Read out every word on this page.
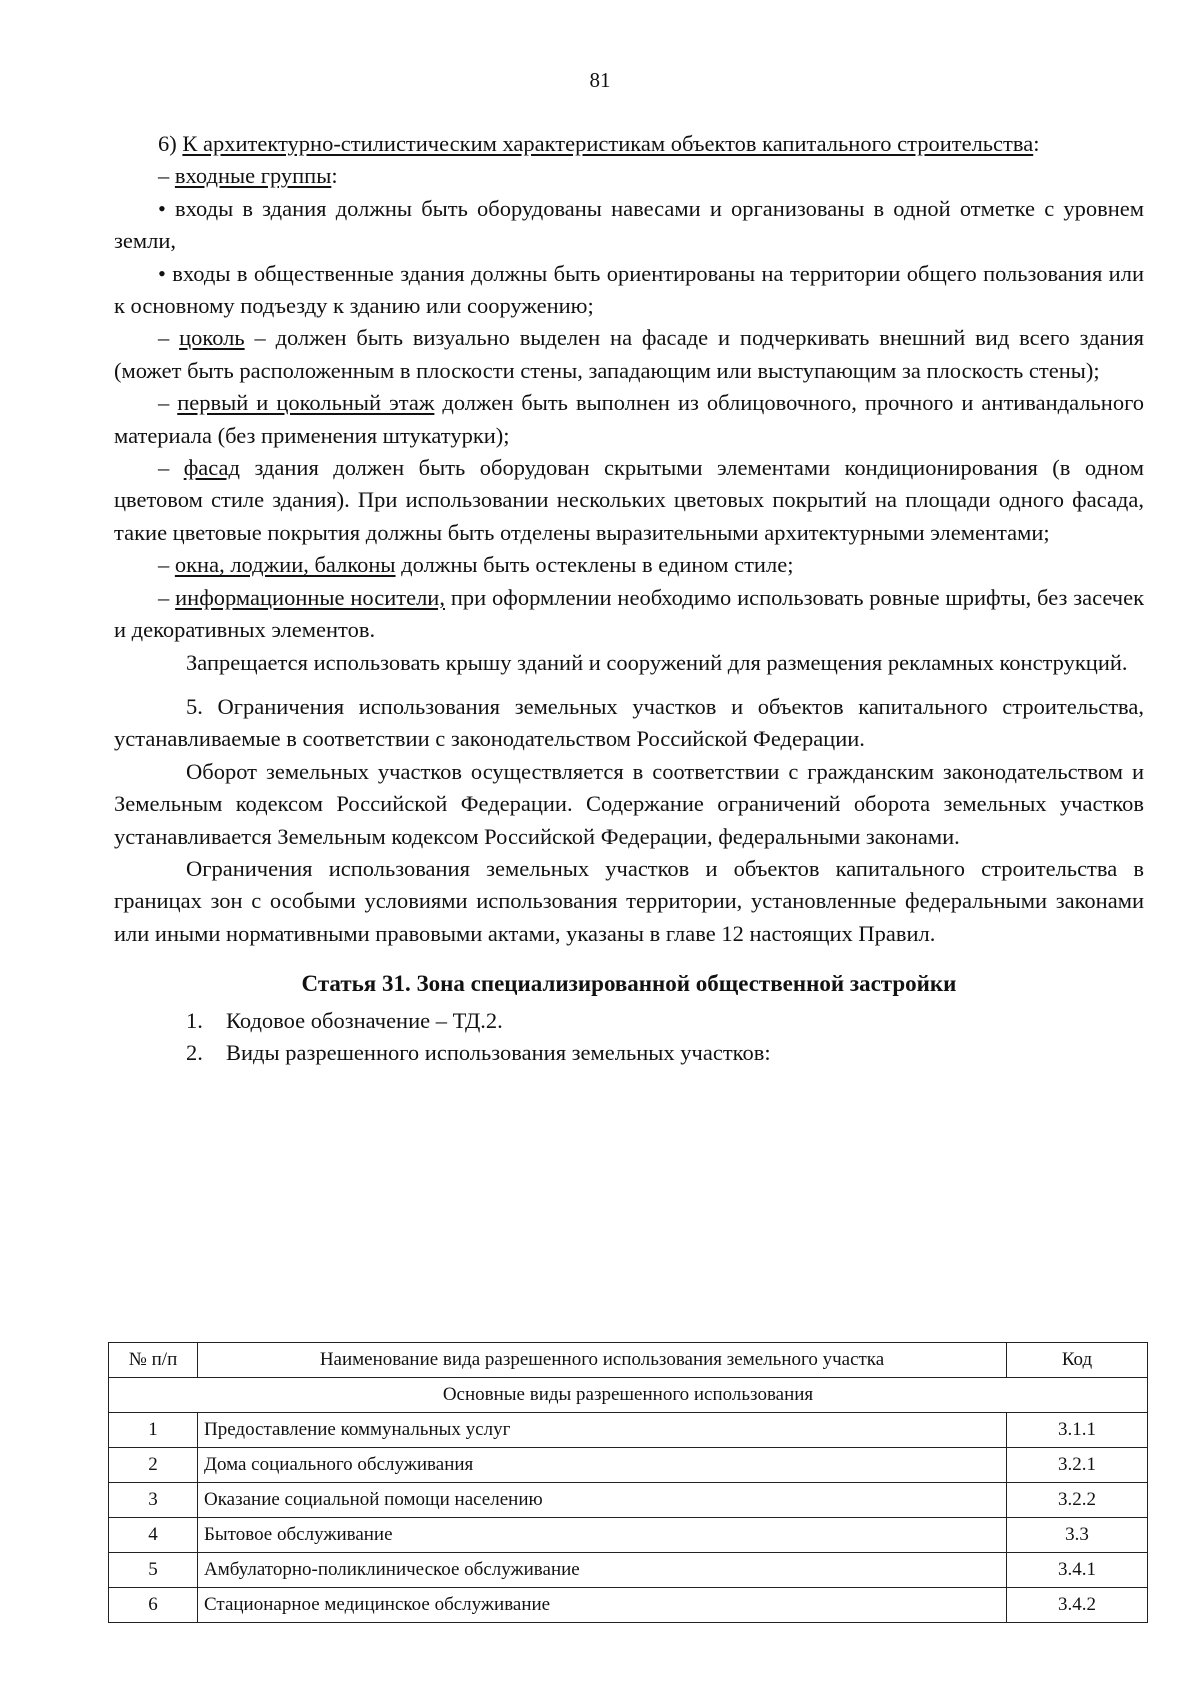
81

6) К архитектурно-стилистическим характеристикам объектов капитального строительства:

– входные группы:

• входы в здания должны быть оборудованы навесами и организованы в одной отметке с уровнем земли,

• входы в общественные здания должны быть ориентированы на территории общего пользования или к основному подъезду к зданию или сооружению;

– цоколь – должен быть визуально выделен на фасаде и подчеркивать внешний вид всего здания (может быть расположенным в плоскости стены, западающим или выступающим за плоскость стены);

– первый и цокольный этаж должен быть выполнен из облицовочного, прочного и антивандального материала (без применения штукатурки);

– фасад здания должен быть оборудован скрытыми элементами кондиционирования (в одном цветовом стиле здания). При использовании нескольких цветовых покрытий на площади одного фасада, такие цветовые покрытия должны быть отделены выразительными архитектурными элементами;

– окна, лоджии, балконы должны быть остеклены в едином стиле;

– информационные носители, при оформлении необходимо использовать ровные шрифты, без засечек и декоративных элементов.

Запрещается использовать крышу зданий и сооружений для размещения рекламных конструкций.

5. Ограничения использования земельных участков и объектов капитального строительства, устанавливаемые в соответствии с законодательством Российской Федерации.

Оборот земельных участков осуществляется в соответствии с гражданским законодательством и Земельным кодексом Российской Федерации. Содержание ограничений оборота земельных участков устанавливается Земельным кодексом Российской Федерации, федеральными законами.

Ограничения использования земельных участков и объектов капитального строительства в границах зон с особыми условиями использования территории, установленные федеральными законами или иными нормативными правовыми актами, указаны в главе 12 настоящих Правил.

Статья 31. Зона специализированной общественной застройки

1. Кодовое обозначение – ТД.2.

2. Виды разрешенного использования земельных участков:

№ п/п	Наименование вида разрешенного использования земельного участка	Код
Основные виды разрешенного использования		
1	Предоставление коммунальных услуг	3.1.1
2	Дома социального обслуживания	3.2.1
3	Оказание социальной помощи населению	3.2.2
4	Бытовое обслуживание	3.3
5	Амбулаторно-поликлиническое обслуживание	3.4.1
6	Стационарное медицинское обслуживание	3.4.2
